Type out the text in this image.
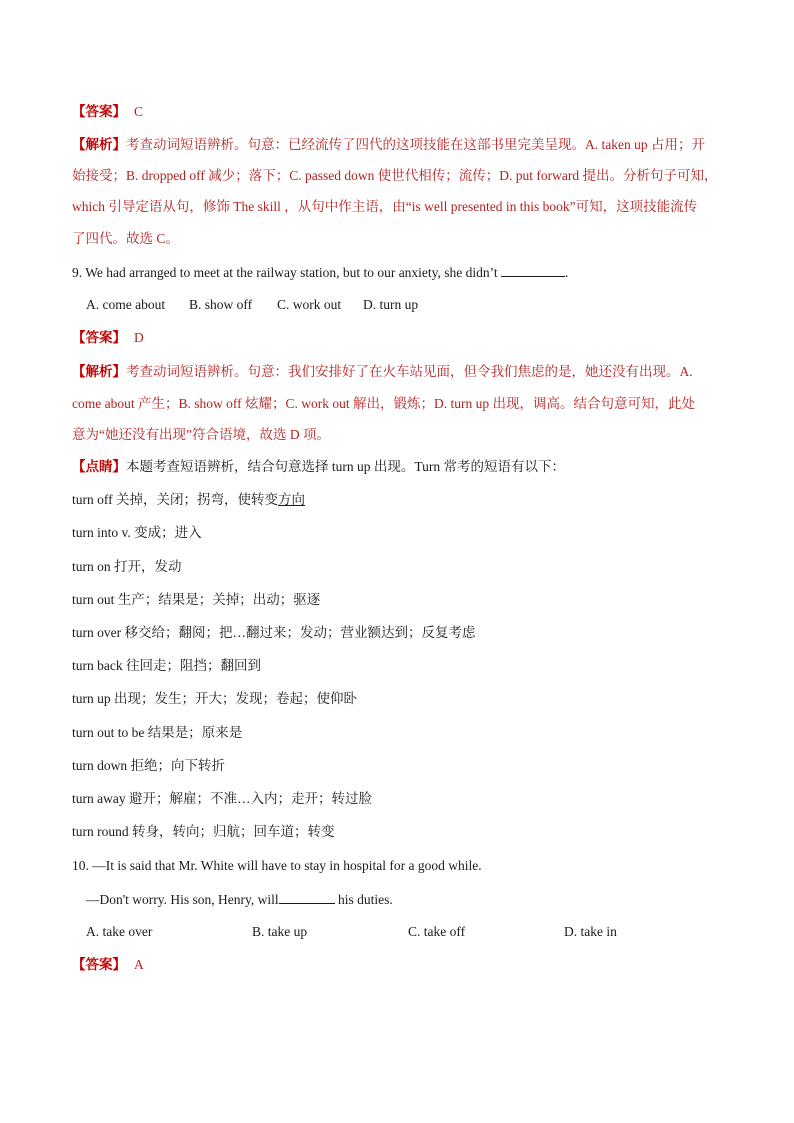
【答案】 C
【解析】考查动词短语辨析。句意：已经流传了四代的这项技能在这部书里完美呈现。A. taken up 占用；开
始接受；B. dropped off 减少；落下；C. passed down 使世代相传；流传；D. put forward 提出。分析句子可知，
which 引导定语从句，修饰 The skill ，从句中作主语，由“is well presented in this book”可知，这项技能流传
了四代。故选 C。
9. We had arranged to meet at the railway station, but to our anxiety, she didn’t	.
A. come about B. show off C. work out D. turn up
【答案】 D
【解析】考查动词短语辨析。句意：我们安排好了在火车站见面，但令我们焦虑的是，她还没有出现。A.
come about 产生；B. show off 炫耀；C. work out 解出，锻炼；D. turn up 出现，调高。结合句意可知，此处
意为“她还没有出现”符合语境，故选 D 项。
【点睛】本题考查短语辨析，结合句意选择 turn up 出现。Turn 常考的短语有以下：
turn off 关掉，关闭；拐弯，使转变方向
turn into v. 变成；进入
turn on 打开，发动
turn out 生产；结果是；关掉；出动；驱逐
turn over 移交给；翻阅；把…翻过来；发动；营业额达到；反复考虑
turn back 往回走；阻挡；翻回到
turn up 出现；发生；开大；发现；卷起；使仰卧
turn out to be 结果是；原来是
turn down 拒绝；向下转折
turn away 避开；解雇；不准…入内；走开；转过脸
turn round 转身，转向；归航；回车道；转变
10. —It is said that Mr. White will have to stay in hospital for a good while.
—Don't worry. His son, Henry, will	his duties.
A. take over	B. take up	C. take off	D. take in
【答案】 A
